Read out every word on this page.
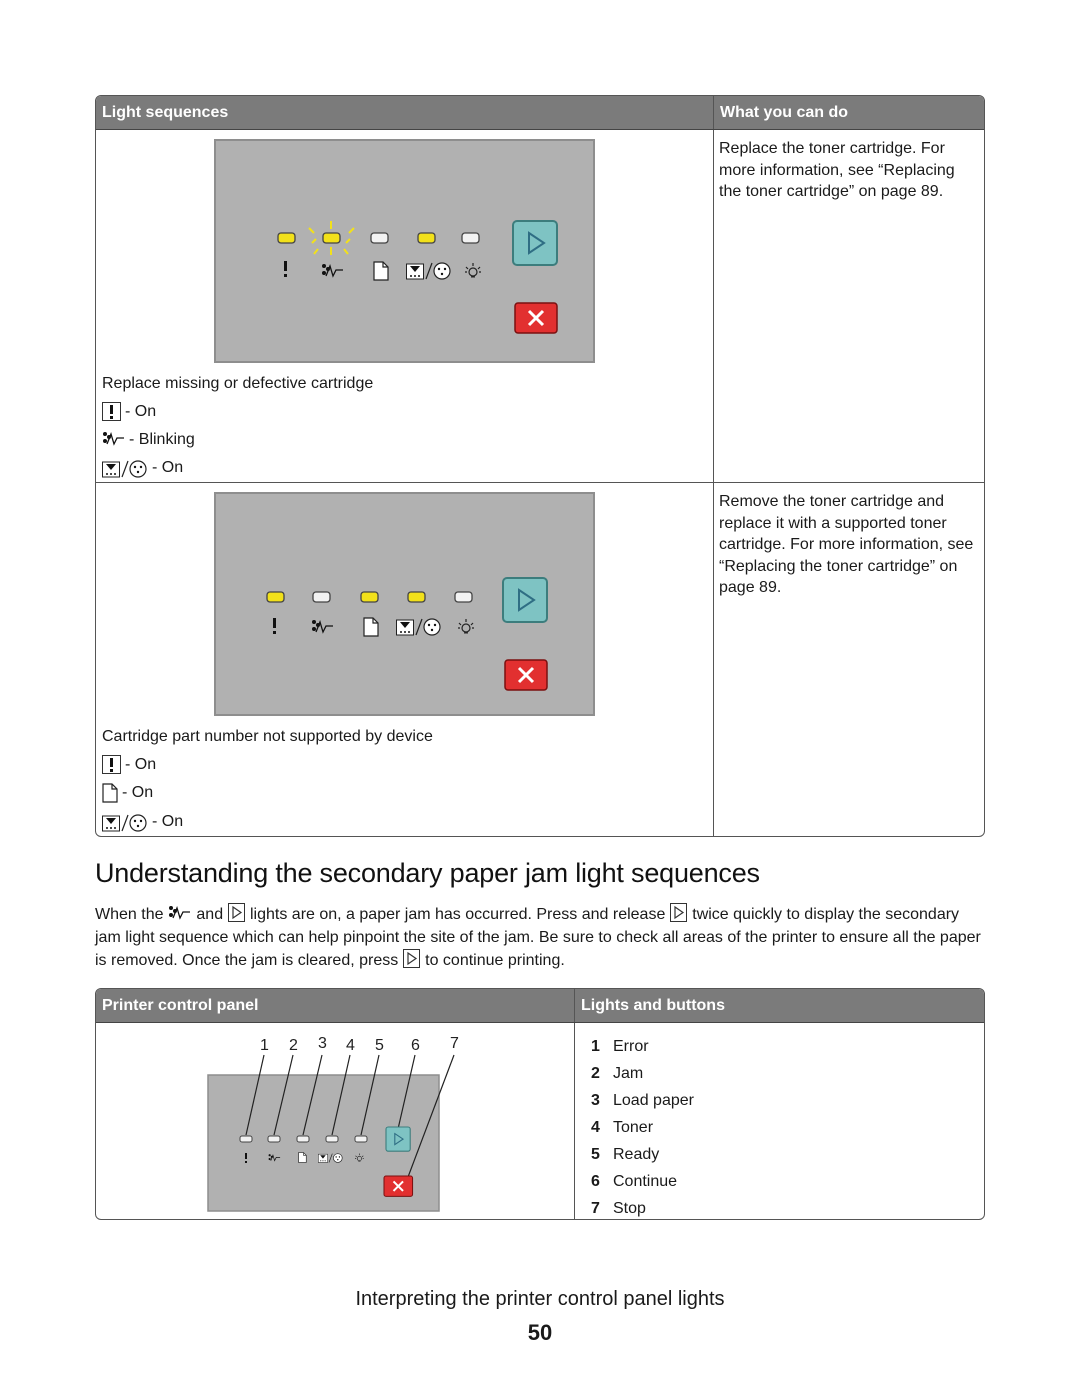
Light sequences	What you can do
Replace missing or defective cartridge
- On
- Blinking
- On
Replace the toner cartridge. For more information, see “Replacing the toner cartridge” on page 89.
Cartridge part number not supported by device
- On
- On
- On
Remove the toner cartridge and replace it with a supported toner cartridge. For more information, see “Replacing the toner cartridge” on page 89.
Understanding the secondary paper jam light sequences

When the and lights are on, a paper jam has occurred. Press and release twice quickly to display the secondary jam light sequence which can help pinpoint the site of the jam. Be sure to check all areas of the printer to ensure all the paper is removed. Once the jam is cleared, press to continue printing.

Printer control panel	Lights and buttons
1 2 3 4 5 6 7	1 Error
2 Jam
3 Load paper
4 Toner
5 Ready
6 Continue
7 Stop
Interpreting the printer control panel lights
50
